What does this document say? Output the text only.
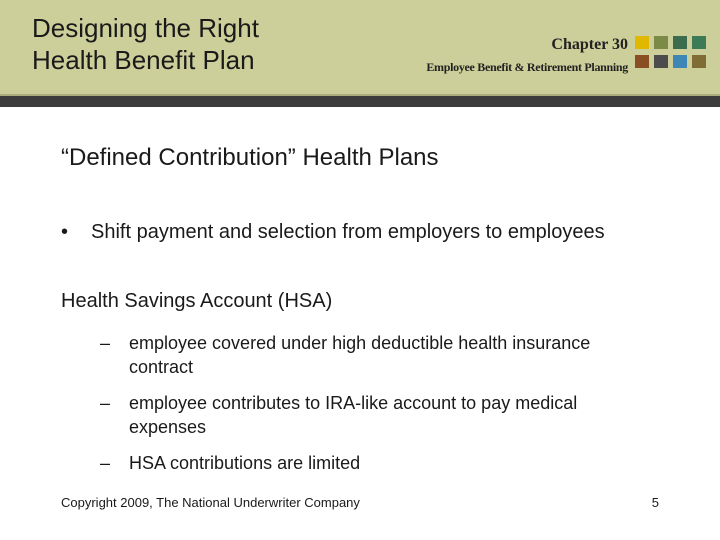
Designing the Right
Health Benefit Plan
Chapter 30
Employee Benefit & Retirement Planning
“Defined Contribution” Health Plans
• Shift payment and selection from employers to employees
Health Savings Account (HSA)
– employee covered under high deductible health insurance contract
– employee contributes to IRA-like account to pay medical expenses
– HSA contributions are limited
Copyright 2009, The National Underwriter Company	5
